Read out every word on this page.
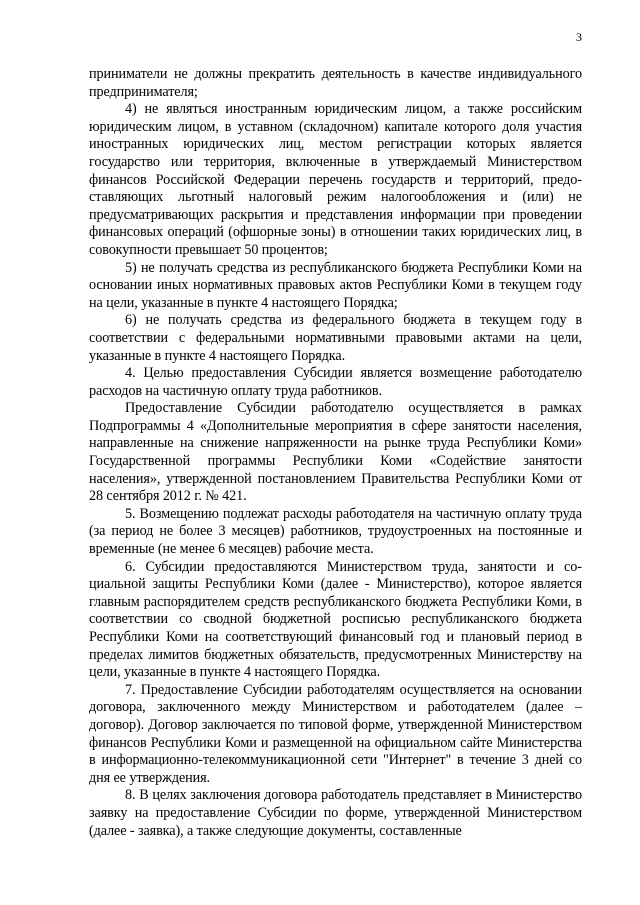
3

приниматели не должны прекратить деятельность в качестве индивидуального предпринимателя;

4) не являться иностранным юридическим лицом, а также российским юридическим лицом, в уставном (складочном) капитале которого доля участия иностранных юридических лиц, местом регистрации которых является государство или территория, включенные в утверждаемый Министерством финансов Российской Федерации перечень государств и территорий, предоставляющих льготный налоговый режим налогообложения и (или) не предусматривающих раскрытия и представления информации при проведении финансовых операций (офшорные зоны) в отношении таких юридических лиц, в совокупности превышает 50 процентов;

5) не получать средства из республиканского бюджета Республики Коми на основании иных нормативных правовых актов Республики Коми в текущем году на цели, указанные в пункте 4 настоящего Порядка;

6) не получать средства из федерального бюджета в текущем году в соответствии с федеральными нормативными правовыми актами на цели, указанные в пункте 4 настоящего Порядка.

4. Целью предоставления Субсидии является возмещение работодателю расходов на частичную оплату труда работников.

Предоставление Субсидии работодателю осуществляется в рамках Подпрограммы 4 «Дополнительные мероприятия в сфере занятости населения, направленные на снижение напряженности на рынке труда Республики Коми» Государственной программы Республики Коми «Содействие занятости населения», утвержденной постановлением Правительства Республики Коми от 28 сентября 2012 г. № 421.

5. Возмещению подлежат расходы работодателя на частичную оплату труда (за период не более 3 месяцев) работников, трудоустроенных на постоянные и временные (не менее 6 месяцев) рабочие места.

6. Субсидии предоставляются Министерством труда, занятости и социальной защиты Республики Коми (далее - Министерство), которое является главным распорядителем средств республиканского бюджета Республики Коми, в соответствии со сводной бюджетной росписью республиканского бюджета Республики Коми на соответствующий финансовый год и плановый период в пределах лимитов бюджетных обязательств, предусмотренных Министерству на цели, указанные в пункте 4 настоящего Порядка.

7. Предоставление Субсидии работодателям осуществляется на основании договора, заключенного между Министерством и работодателем (далее – договор). Договор заключается по типовой форме, утвержденной Министерством финансов Республики Коми и размещенной на официальном сайте Министерства в информационно-телекоммуникационной сети "Интернет" в течение 3 дней со дня ее утверждения.

8. В целях заключения договора работодатель представляет в Министерство заявку на предоставление Субсидии по форме, утвержденной Министерством (далее - заявка), а также следующие документы, составленные
